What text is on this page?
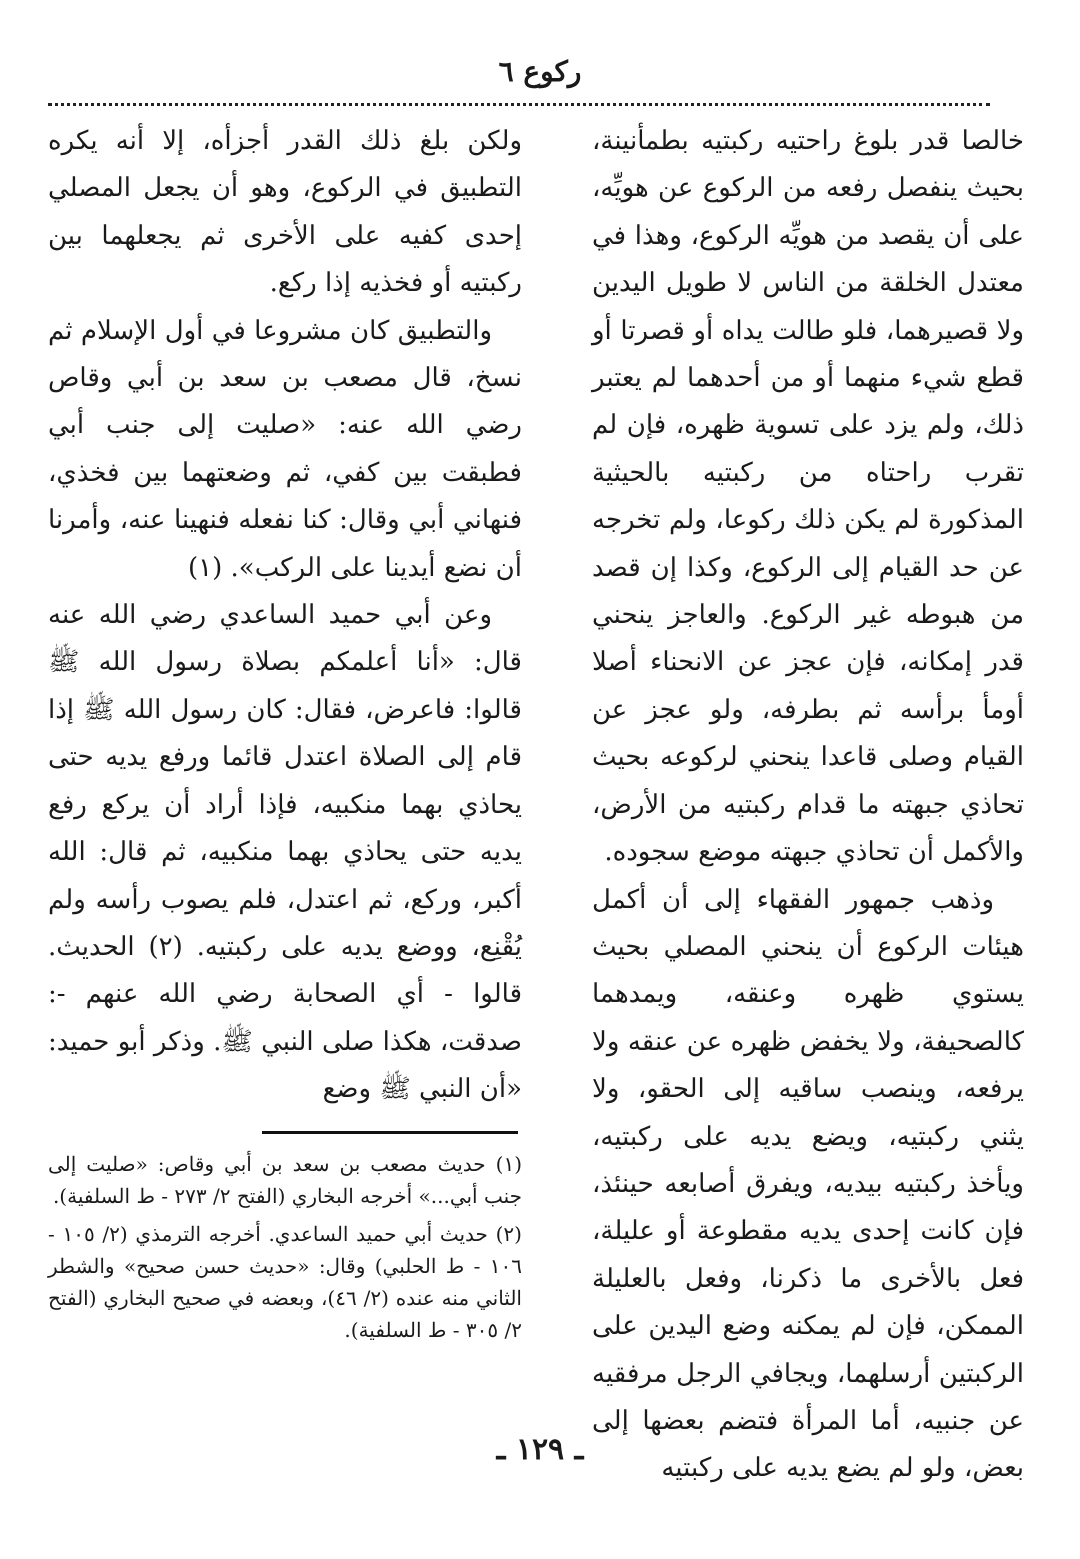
ركوع ٦

خالصا قدر بلوغ راحتيه ركبتيه بطمأنينة، بحيث ينفصل رفعه من الركوع عن هويِّه، على أن يقصد من هويِّه الركوع، وهذا في معتدل الخلقة من الناس لا طويل اليدين ولا قصيرهما، فلو طالت يداه أو قصرتا أو قطع شيء منهما أو من أحدهما لم يعتبر ذلك، ولم يزد على تسوية ظهره، فإن لم تقرب راحتاه من ركبتيه بالحيثية المذكورة لم يكن ذلك ركوعا، ولم تخرجه عن حد القيام إلى الركوع، وكذا إن قصد من هبوطه غير الركوع. والعاجز ينحني قدر إمكانه، فإن عجز عن الانحناء أصلا أومأ برأسه ثم بطرفه، ولو عجز عن القيام وصلى قاعدا ينحني لركوعه بحيث تحاذي جبهته ما قدام ركبتيه من الأرض، والأكمل أن تحاذي جبهته موضع سجوده.

وذهب جمهور الفقهاء إلى أن أكمل هيئات الركوع أن ينحني المصلي بحيث يستوي ظهره وعنقه، ويمدهما كالصحيفة، ولا يخفض ظهره عن عنقه ولا يرفعه، وينصب ساقيه إلى الحقو، ولا يثني ركبتيه، ويضع يديه على ركبتيه، ويأخذ ركبتيه بيديه، ويفرق أصابعه حينئذ، فإن كانت إحدى يديه مقطوعة أو عليلة، فعل بالأخرى ما ذكرنا، وفعل بالعليلة الممكن، فإن لم يمكنه وضع اليدين على الركبتين أرسلهما، ويجافي الرجل مرفقيه عن جنبيه، أما المرأة فتضم بعضها إلى بعض، ولو لم يضع يديه على ركبتيه

ولكن بلغ ذلك القدر أجزأه، إلا أنه يكره التطبيق في الركوع، وهو أن يجعل المصلي إحدى كفيه على الأخرى ثم يجعلهما بين ركبتيه أو فخذيه إذا ركع.

والتطبيق كان مشروعا في أول الإسلام ثم نسخ، قال مصعب بن سعد بن أبي وقاص رضي الله عنه: «صليت إلى جنب أبي فطبقت بين كفي، ثم وضعتهما بين فخذي، فنهاني أبي وقال: كنا نفعله فنهينا عنه، وأمرنا أن نضع أيدينا على الركب». (١)

وعن أبي حميد الساعدي رضي الله عنه قال: «أنا أعلمكم بصلاة رسول الله ﷺ قالوا: فاعرض، فقال: كان رسول الله ﷺ إذا قام إلى الصلاة اعتدل قائما ورفع يديه حتى يحاذي بهما منكبيه، فإذا أراد أن يركع رفع يديه حتى يحاذي بهما منكبيه، ثم قال: الله أكبر، وركع، ثم اعتدل، فلم يصوب رأسه ولم يُقْنِع، ووضع يديه على ركبتيه. (٢) الحديث. قالوا - أي الصحابة رضي الله عنهم -: صدقت، هكذا صلى النبي ﷺ. وذكر أبو حميد: «أن النبي ﷺ وضع

(١) حديث مصعب بن سعد بن أبي وقاص: «صليت إلى جنب أبي...» أخرجه البخاري (الفتح ٢/ ٢٧٣ - ط السلفية).

(٢) حديث أبي حميد الساعدي. أخرجه الترمذي (٢/ ١٠٥ - ١٠٦ - ط الحلبي) وقال: «حديث حسن صحيح» والشطر الثاني منه عنده (٢/ ٤٦)، وبعضه في صحيح البخاري (الفتح ٢/ ٣٠٥ - ط السلفية).

ـ ١٢٩ ـ
